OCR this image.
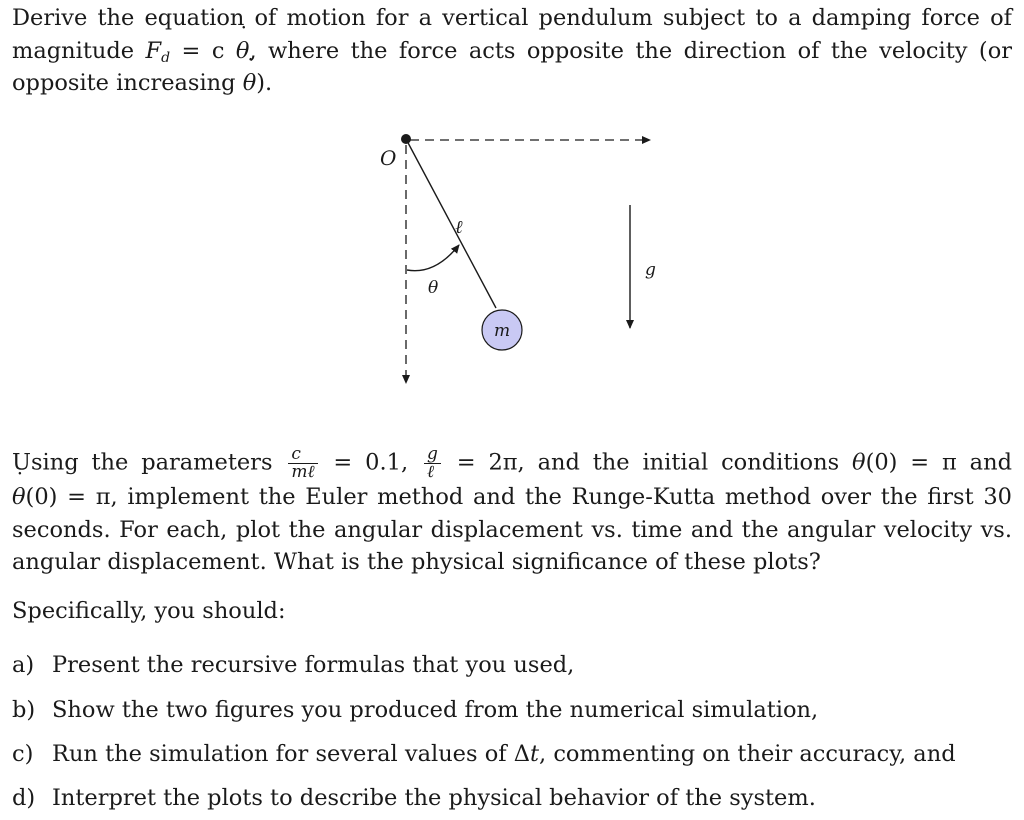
Derive the equation of motion for a vertical pendulum subject to a damping force of
magnitude $F_d = c$ ˙ θ, where the force acts opposite the direction of the velocity (or
opposite increasing ˙ θ).

O
ℓ
θ
m
g

Using the parameters $\frac{c}{\text{mℓ}} = 0.1$, $\frac{g}{\text{ℓ}} = 2\pi$, and the initial conditions θ(0) = π and
˙ θ(0) = π, implement the Euler method and the Runge-Kutta method over the first 30
seconds. For each, plot the angular displacement vs. time and the angular velocity vs.
angular displacement. What is the physical significance of these plots?

Specifically, you should:

a) Present the recursive formulas that you used,

b) Show the two figures you produced from the numerical simulation,

c) Run the simulation for several values of Δt, commenting on their accuracy, and

d) Interpret the plots to describe the physical behavior of the system.
